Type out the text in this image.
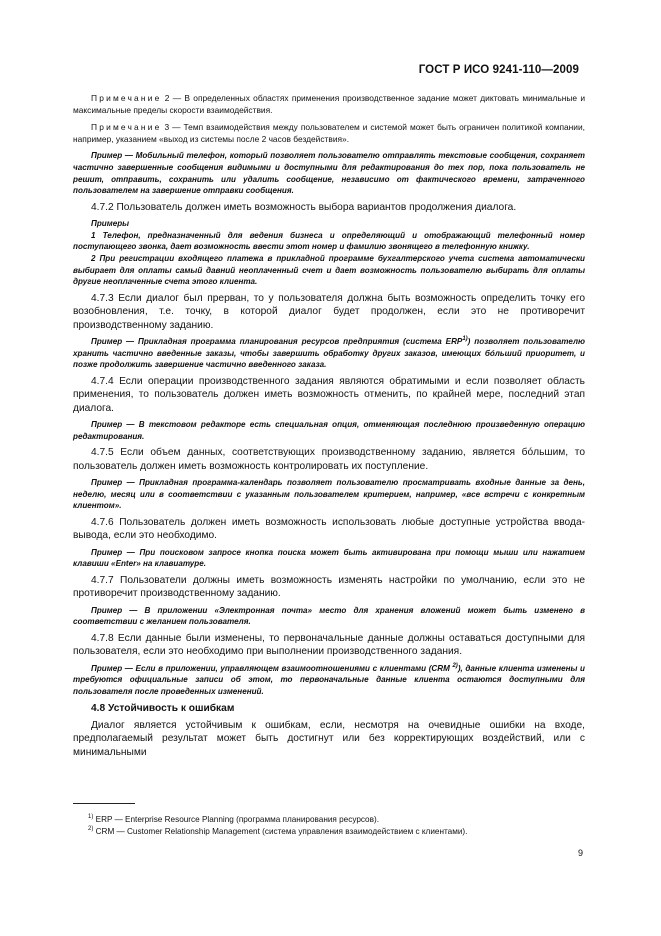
ГОСТ Р ИСО 9241-110—2009

Примечание 2 — В определенных областях применения производственное задание может диктовать минимальные и максимальные пределы скорости взаимодействия.

Примечание 3 — Темп взаимодействия между пользователем и системой может быть ограничен политикой компании, например, указанием «выход из системы после 2 часов бездействия».

Пример — Мобильный телефон, который позволяет пользователю отправлять текстовые сообщения, сохраняет частично завершенные сообщения видимыми и доступными для редактирования до тех пор, пока пользователь не решит, отправить, сохранить или удалить сообщение, независимо от фактического времени, затраченного пользователем на завершение отправки сообщения.

4.7.2 Пользователь должен иметь возможность выбора вариантов продолжения диалога.

Примеры

1 Телефон, предназначенный для ведения бизнеса и определяющий и отображающий телефонный номер поступающего звонка, дает возможность ввести этот номер и фамилию звонящего в телефонную книжку.

2 При регистрации входящего платежа в прикладной программе бухгалтерского учета система автоматически выбирает для оплаты самый давний неоплаченный счет и дает возможность пользователю выбирать для оплаты другие неоплаченные счета этого клиента.

4.7.3 Если диалог был прерван, то у пользователя должна быть возможность определить точку его возобновления, т.е. точку, в которой диалог будет продолжен, если это не противоречит производственному заданию.

Пример — Прикладная программа планирования ресурсов предприятия (система ERP$^{1)}$) позволяет пользователю хранить частично введенные заказы, чтобы завершить обработку других заказов, имеющих бóльший приоритет, и позже продолжить завершение частично введенного заказа.

4.7.4 Если операции производственного задания являются обратимыми и если позволяет область применения, то пользователь должен иметь возможность отменить, по крайней мере, последний этап диалога.

Пример — В текстовом редакторе есть специальная опция, отменяющая последнюю произведенную операцию редактирования.

4.7.5 Если объем данных, соответствующих производственному заданию, является бóльшим, то пользователь должен иметь возможность контролировать их поступление.

Пример — Прикладная программа-календарь позволяет пользователю просматривать входные данные за день, неделю, месяц или в соответствии с указанным пользователем критерием, например, «все встречи с конкретным клиентом».

4.7.6 Пользователь должен иметь возможность использовать любые доступные устройства ввода-вывода, если это необходимо.

Пример — При поисковом запросе кнопка поиска может быть активирована при помощи мыши или нажатием клавиши «Enter» на клавиатуре.

4.7.7 Пользователи должны иметь возможность изменять настройки по умолчанию, если это не противоречит производственному заданию.

Пример — В приложении «Электронная почта» место для хранения вложений может быть изменено в соответствии с желанием пользователя.

4.7.8 Если данные были изменены, то первоначальные данные должны оставаться доступными для пользователя, если это необходимо при выполнении производственного задания.

Пример — Если в приложении, управляющем взаимоотношениями с клиентами (CRM $^{2)}$), данные клиента изменены и требуются официальные записи об этом, то первоначальные данные клиента остаются доступными для пользователя после проведенных изменений.

4.8 Устойчивость к ошибкам

Диалог является устойчивым к ошибкам, если, несмотря на очевидные ошибки на входе, предполагаемый результат может быть достигнут или без корректирующих воздействий, или с минимальными

$^{1)}$ ERP — Enterprise Resource Planning (программа планирования ресурсов).

$^{2)}$ CRM — Customer Relationship Management (система управления взаимодействием с клиентами).

9
